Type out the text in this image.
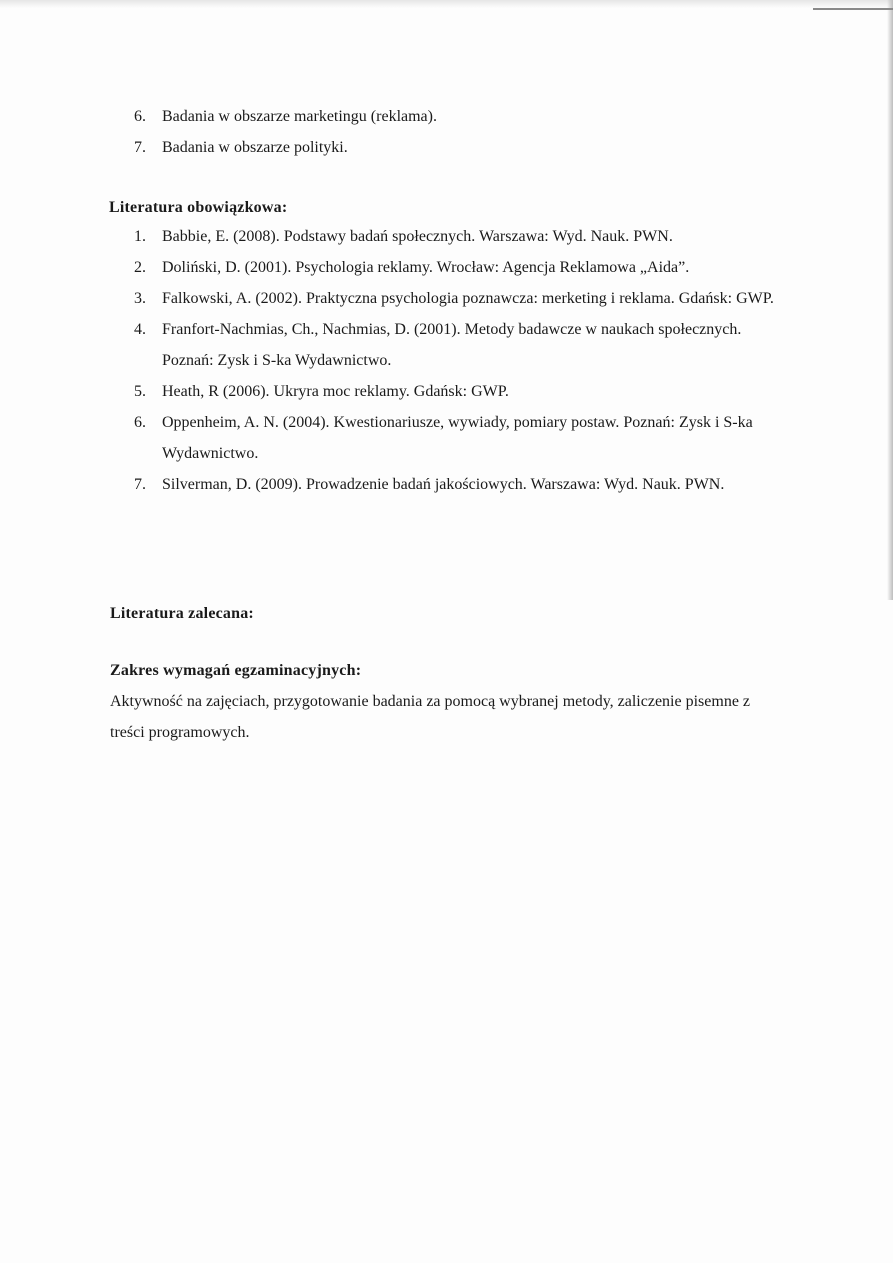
6.	Badania w obszarze marketingu (reklama).
7.	Badania w obszarze polityki.
Literatura obowiązkowa:
1.	Babbie, E. (2008). Podstawy badań społecznych. Warszawa: Wyd. Nauk. PWN.
2.	Doliński, D. (2001). Psychologia reklamy. Wrocław: Agencja Reklamowa „Aida”.
3.	Falkowski, A. (2002). Praktyczna psychologia poznawcza: merketing i reklama. Gdańsk: GWP.
4.	Franfort-Nachmias, Ch., Nachmias, D. (2001). Metody badawcze w naukach społecznych. Poznań: Zysk i S-ka Wydawnictwo.
5.	Heath, R (2006). Ukryra moc reklamy. Gdańsk: GWP.
6.	Oppenheim, A. N. (2004). Kwestionariusze, wywiady, pomiary postaw. Poznań: Zysk i S-ka Wydawnictwo.
7.	Silverman, D. (2009). Prowadzenie badań jakościowych. Warszawa: Wyd. Nauk. PWN.
Literatura zalecana:
Zakres wymagań egzaminacyjnych:
Aktywność na zajęciach, przygotowanie badania za pomocą wybranej metody, zaliczenie pisemne z treści programowych.
